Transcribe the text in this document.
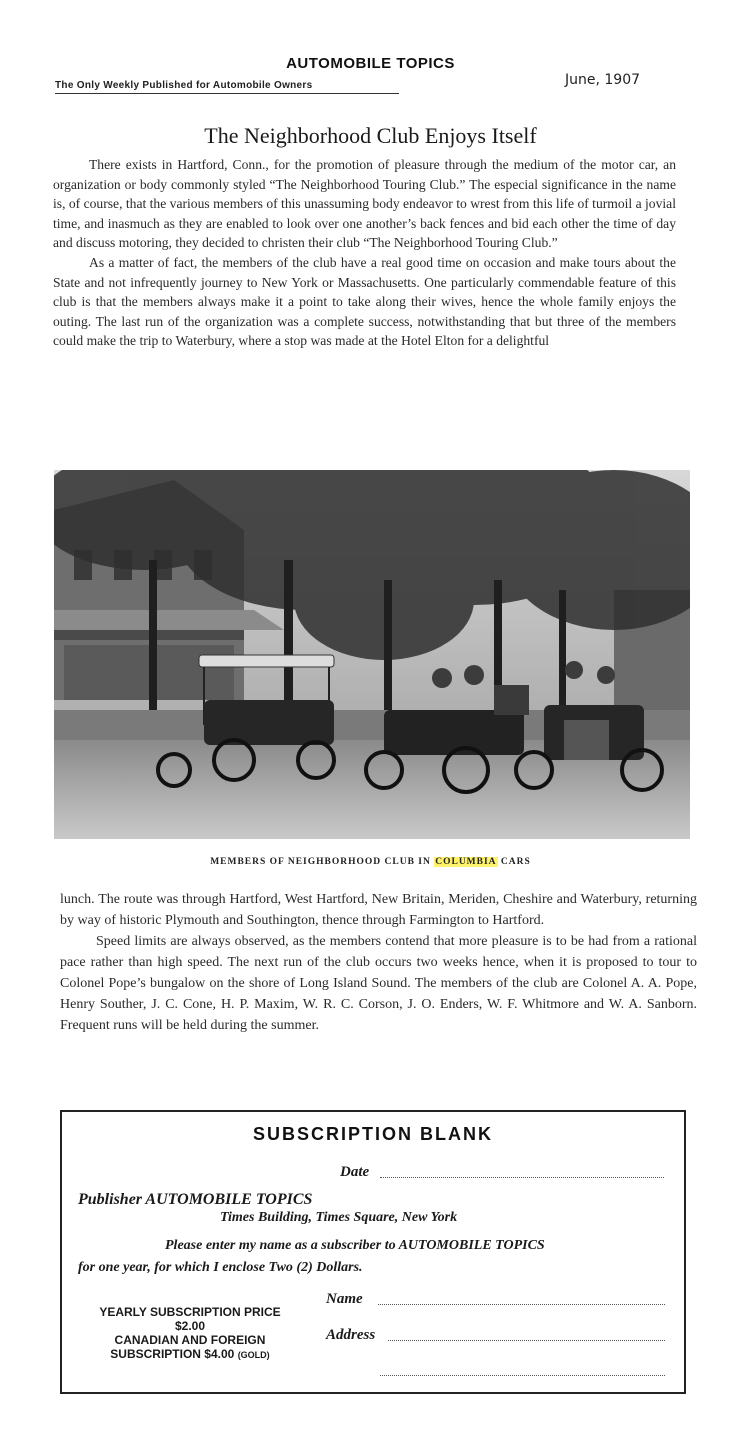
AUTOMOBILE TOPICS
The Only Weekly Published for Automobile Owners	June, 1907
The Neighborhood Club Enjoys Itself

There exists in Hartford, Conn., for the promotion of pleasure through the medium of the motor car, an organization or body commonly styled “The Neighborhood Touring Club.” The especial significance in the name is, of course, that the various members of this unassuming body endeavor to wrest from this life of turmoil a jovial time, and inasmuch as they are enabled to look over one another’s back fences and bid each other the time of day and discuss motoring, they decided to christen their club “The Neighborhood Touring Club.”

As a matter of fact, the members of the club have a real good time on occasion and make tours about the State and not infrequently journey to New York or Massachusetts. One particularly commendable feature of this club is that the members always make it a point to take along their wives, hence the whole family enjoys the outing. The last run of the organization was a complete success, notwithstanding that but three of the members could make the trip to Waterbury, where a stop was made at the Hotel Elton for a delightful

MEMBERS OF NEIGHBORHOOD CLUB IN COLUMBIA CARS

lunch. The route was through Hartford, West Hartford, New Britain, Meriden, Cheshire and Waterbury, returning by way of historic Plymouth and Southington, thence through Farmington to Hartford.

Speed limits are always observed, as the members contend that more pleasure is to be had from a rational pace rather than high speed. The next run of the club occurs two weeks hence, when it is proposed to tour to Colonel Pope’s bungalow on the shore of Long Island Sound. The members of the club are Colonel A. A. Pope, Henry Souther, J. C. Cone, H. P. Maxim, W. R. C. Corson, J. O. Enders, W. F. Whitmore and W. A. Sanborn. Frequent runs will be held during the summer.

SUBSCRIPTION BLANK
Date
Publisher AUTOMOBILE TOPICS
Times Building, Times Square, New York
Please enter my name as a subscriber to AUTOMOBILE TOPICS
for one year, for which I enclose Two (2) Dollars.
Name
Address
YEARLY SUBSCRIPTION PRICE
$2.00
CANADIAN AND FOREIGN
SUBSCRIPTION $4.00 (GOLD)
